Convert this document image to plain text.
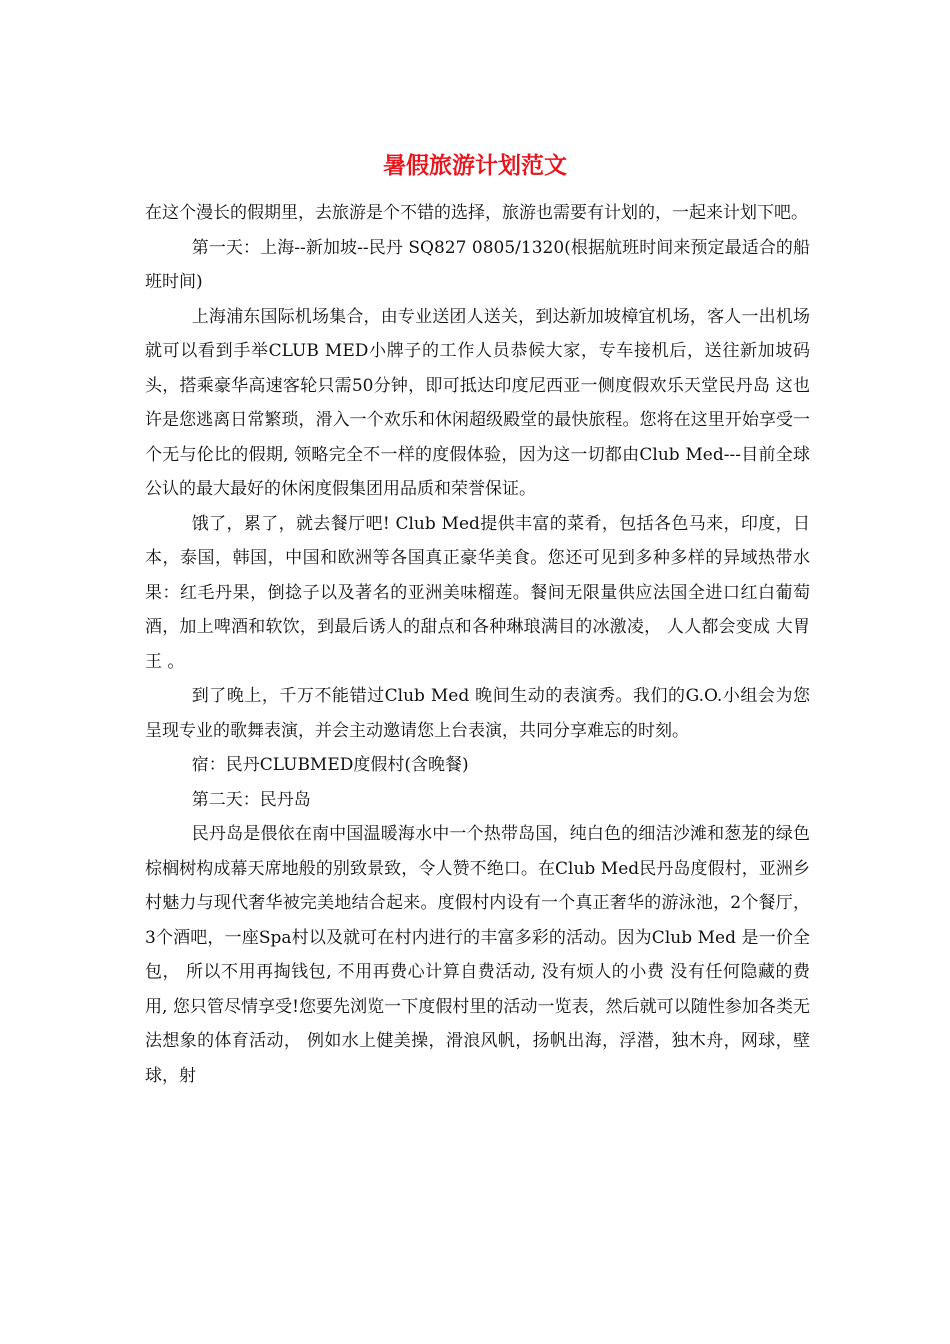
暑假旅游计划范文

在这个漫长的假期里，去旅游是个不错的选择，旅游也需要有计划的，一起来计划下吧。

第一天：上海--新加坡--民丹 SQ827 0805/1320(根据航班时间来预定最适合的船班时间)

上海浦东国际机场集合，由专业送团人送关，到达新加坡樟宜机场，客人一出机场就可以看到手举CLUB MED小牌子的工作人员恭候大家，专车接机后，送往新加坡码头，搭乘豪华高速客轮只需50分钟，即可抵达印度尼西亚一侧度假欢乐天堂民丹岛 这也许是您逃离日常繁琐，滑入一个欢乐和休闲超级殿堂的最快旅程。您将在这里开始享受一个无与伦比的假期, 领略完全不一样的度假体验，因为这一切都由Club Med---目前全球公认的最大最好的休闲度假集团用品质和荣誉保证。

饿了，累了，就去餐厅吧! Club Med提供丰富的菜肴，包括各色马来，印度，日本，泰国，韩国，中国和欧洲等各国真正豪华美食。您还可见到多种多样的异域热带水果：红毛丹果，倒捻子以及著名的亚洲美味榴莲。餐间无限量供应法国全进口红白葡萄酒，加上啤酒和软饮，到最后诱人的甜点和各种琳琅满目的冰激凌， 人人都会变成 大胃王 。

到了晚上，千万不能错过Club Med 晚间生动的表演秀。我们的G.O.小组会为您呈现专业的歌舞表演，并会主动邀请您上台表演，共同分享难忘的时刻。

宿：民丹CLUBMED度假村(含晚餐)

第二天：民丹岛

民丹岛是偎依在南中国温暖海水中一个热带岛国，纯白色的细洁沙滩和葱茏的绿色棕榈树构成幕天席地般的别致景致，令人赞不绝口。在Club Med民丹岛度假村，亚洲乡村魅力与现代奢华被完美地结合起来。度假村内设有一个真正奢华的游泳池，2个餐厅，3个酒吧，一座Spa村以及就可在村内进行的丰富多彩的活动。因为Club Med 是一价全包， 所以不用再掏钱包, 不用再费心计算自费活动, 没有烦人的小费 没有任何隐藏的费用, 您只管尽情享受!您要先浏览一下度假村里的活动一览表，然后就可以随性参加各类无法想象的体育活动， 例如水上健美操，滑浪风帆，扬帆出海，浮潜，独木舟，网球，壁球，射
